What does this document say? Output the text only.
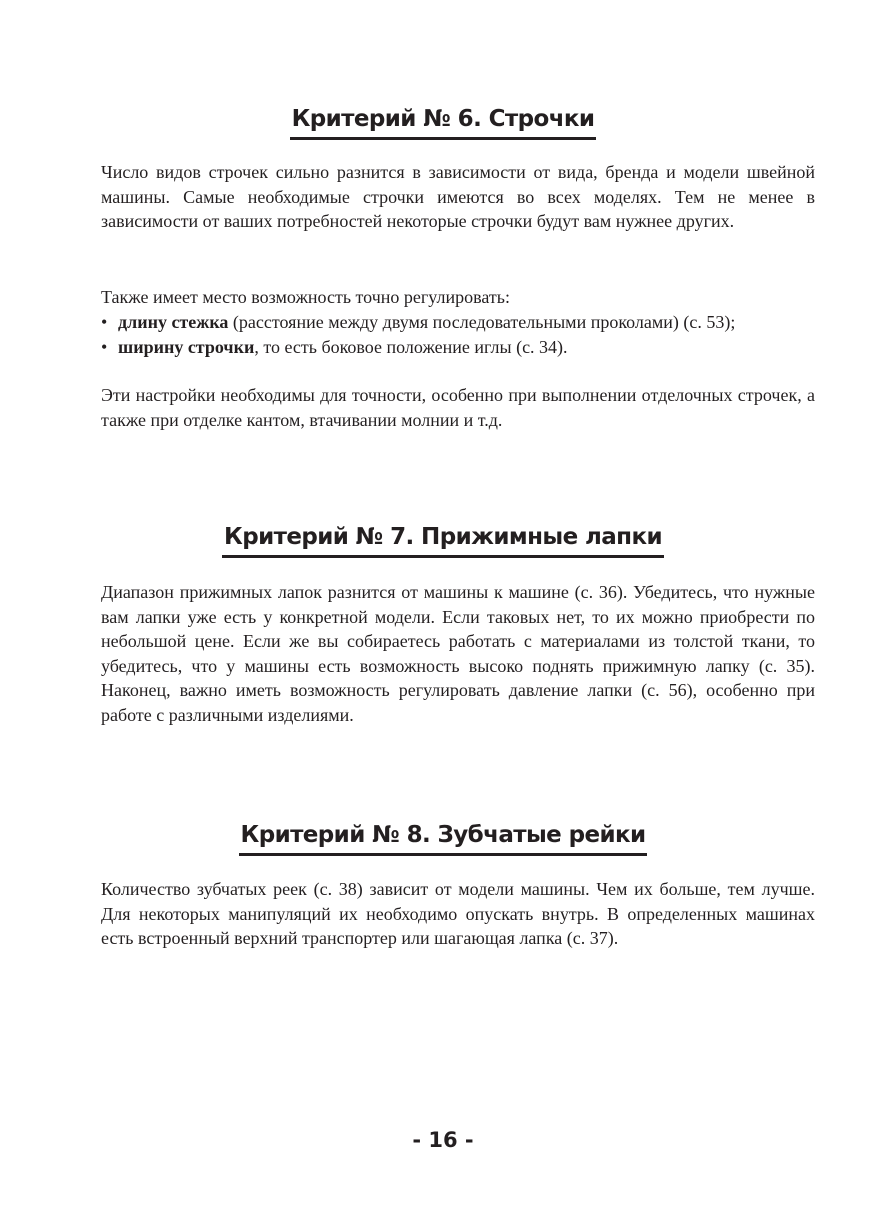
Критерий № 6. Строчки

Число видов строчек сильно разнится в зависимости от вида, бренда и модели швейной машины. Самые необходимые строчки имеются во всех моделях. Тем не менее в зависимости от ваших потребностей некоторые строчки будут вам нужнее других.

Также имеет место возможность точно регулировать:

• длину стежка (расстояние между двумя последовательными проколами) (с. 53);
• ширину строчки, то есть боковое положение иглы (с. 34).

Эти настройки необходимы для точности, особенно при выполнении отделочных строчек, а также при отделке кантом, втачивании молнии и т.д.

Критерий № 7. Прижимные лапки

Диапазон прижимных лапок разнится от машины к машине (с. 36). Убедитесь, что нужные вам лапки уже есть у конкретной модели. Если таковых нет, то их можно приобрести по небольшой цене. Если же вы собираетесь работать с материалами из толстой ткани, то убедитесь, что у машины есть возможность высоко поднять прижимную лапку (с. 35). Наконец, важно иметь возможность регулировать давление лапки (с. 56), особенно при работе с различными изделиями.

Критерий № 8. Зубчатые рейки

Количество зубчатых реек (с. 38) зависит от модели машины. Чем их больше, тем лучше. Для некоторых манипуляций их необходимо опускать внутрь. В определенных машинах есть встроенный верхний транспортер или шагающая лапка (с. 37).

- 16 -
